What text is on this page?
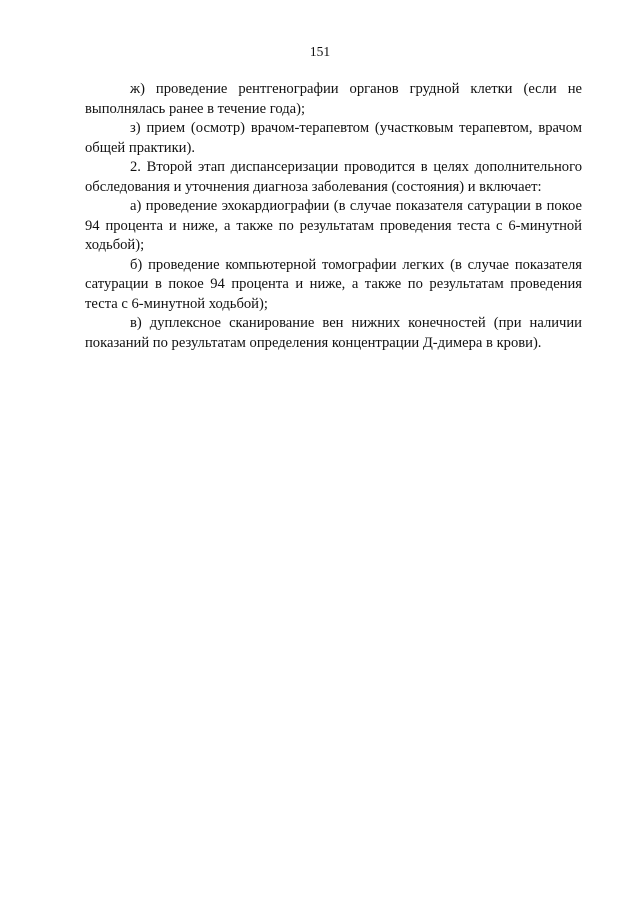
151

ж) проведение рентгенографии органов грудной клетки (если не выполнялась ранее в течение года);

з) прием (осмотр) врачом-терапевтом (участковым терапевтом, врачом общей практики).

2. Второй этап диспансеризации проводится в целях дополнительного обследования и уточнения диагноза заболевания (состояния) и включает:

а) проведение эхокардиографии (в случае показателя сатурации в покое 94 процента и ниже, а также по результатам проведения теста с 6-минутной ходьбой);

б) проведение компьютерной томографии легких (в случае показателя сатурации в покое 94 процента и ниже, а также по результатам проведения теста с 6-минутной ходьбой);

в) дуплексное сканирование вен нижних конечностей (при наличии показаний по результатам определения концентрации Д-димера в крови).
